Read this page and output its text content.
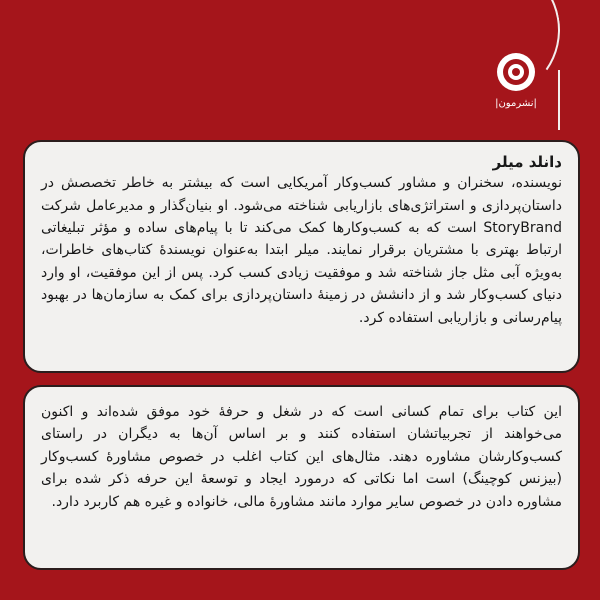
|نشرمون|

دانلد میلر

نویسنده، سخنران و مشاور کسب‌وکار آمریکایی است که بیشتر به خاطر تخصصش در داستان‌پردازی و استراتژی‌های بازاریابی شناخته می‌شود. او بنیان‌گذار و مدیرعامل شرکت StoryBrand است که به کسب‌وکارها کمک می‌کند تا با پیام‌های ساده و مؤثر تبلیغاتی ارتباط بهتری با مشتریان برقرار نمایند. میلر ابتدا به‌عنوان نویسندهٔ کتاب‌های خاطرات، به‌ویژه آبی مثل جاز شناخته شد و موفقیت زیادی کسب کرد. پس از این موفقیت، او وارد دنیای کسب‌وکار شد و از دانشش در زمینهٔ داستان‌پردازی برای کمک به سازمان‌ها در بهبود پیام‌رسانی و بازاریابی استفاده کرد.

این کتاب برای تمام کسانی است که در شغل و حرفهٔ خود موفق شده‌اند و اکنون می‌خواهند از تجربیاتشان استفاده کنند و بر اساس آن‌ها به دیگران در راستای کسب‌وکارشان مشاوره دهند. مثال‌های این کتاب اغلب در خصوص مشاورهٔ کسب‌وکار (بیزنس کوچینگ) است اما نکاتی که درمورد ایجاد و توسعهٔ این حرفه ذکر شده برای مشاوره دادن در خصوص سایر موارد مانند مشاورهٔ مالی، خانواده و غیره هم کاربرد دارد.
